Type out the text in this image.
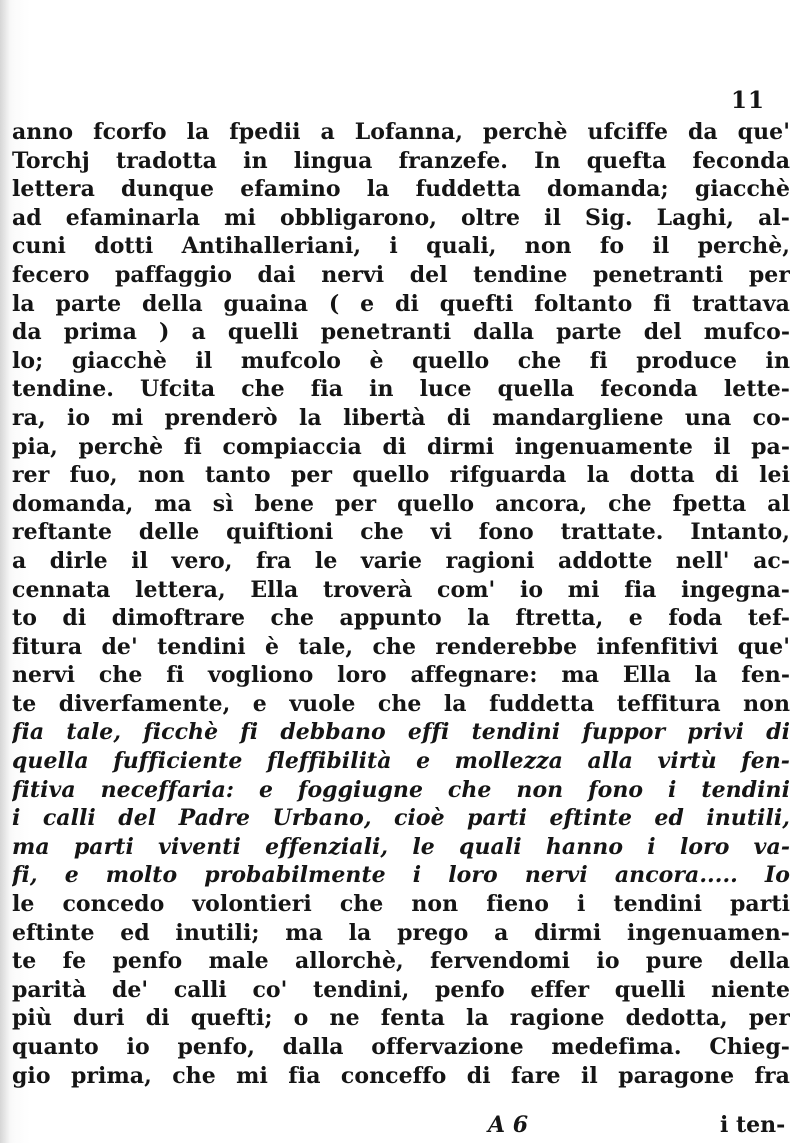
11
anno fcorfo la fpedii a Lofanna, perchè ufciffe da que'
Torchj tradotta in lingua franzefe. In quefta feconda
lettera dunque efamino la fuddetta domanda; giacchè
ad efaminarla mi obbligarono, oltre il Sig. Laghi, al-
cuni dotti Antihalleriani, i quali, non fo il perchè,
fecero paffaggio dai nervi del tendine penetranti per
la parte della guaina ( e di quefti foltanto fi trattava
da prima ) a quelli penetranti dalla parte del mufco-
lo; giacchè il mufcolo è quello che fi produce in
tendine. Ufcita che fia in luce quella feconda lette-
ra, io mi prenderò la libertà di mandargliene una co-
pia, perchè fi compiaccia di dirmi ingenuamente il pa-
rer fuo, non tanto per quello rifguarda la dotta di lei
domanda, ma sì bene per quello ancora, che fpetta al
reftante delle quiftioni che vi fono trattate. Intanto,
a dirle il vero, fra le varie ragioni addotte nell' ac-
cennata lettera, Ella troverà com' io mi fia ingegna-
to di dimoftrare che appunto la ftretta, e foda tef-
fitura de' tendini è tale, che renderebbe infenfitivi que'
nervi che fi vogliono loro affegnare: ma Ella la fen-
te diverfamente, e vuole che la fuddetta teffitura non
fia tale, ficchè fi debbano effi tendini fuppor privi di
quella fufficiente fleffibilità e mollezza alla virtù fen-
fitiva neceffaria: e foggiugne che non fono i tendini
i calli del Padre Urbano, cioè parti eftinte ed inutili,
ma parti viventi effenziali, le quali hanno i loro va-
fi, e molto probabilmente i loro nervi ancora..... Io
le concedo volontieri che non fieno i tendini parti
eftinte ed inutili; ma la prego a dirmi ingenuamen-
te fe penfo male allorchè, fervendomi io pure della
parità de' calli co' tendini, penfo effer quelli niente
più duri di quefti; o ne fenta la ragione dedotta, per
quanto io penfo, dalla offervazione medefima. Chieg-
gio prima, che mi fia conceffo di fare il paragone fra
A 6	i ten-
